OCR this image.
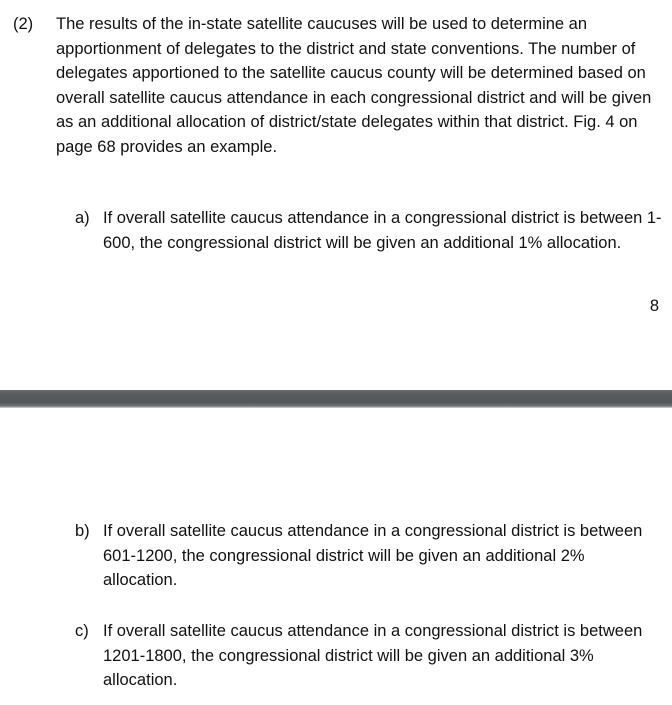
(2) The results of the in-state satellite caucuses will be used to determine an apportionment of delegates to the district and state conventions. The number of delegates apportioned to the satellite caucus county will be determined based on overall satellite caucus attendance in each congressional district and will be given as an additional allocation of district/state delegates within that district. Fig. 4 on page 68 provides an example.
a) If overall satellite caucus attendance in a congressional district is between 1-600, the congressional district will be given an additional 1% allocation.
8
b) If overall satellite caucus attendance in a congressional district is between 601-1200, the congressional district will be given an additional 2% allocation.
c) If overall satellite caucus attendance in a congressional district is between 1201-1800, the congressional district will be given an additional 3% allocation.
